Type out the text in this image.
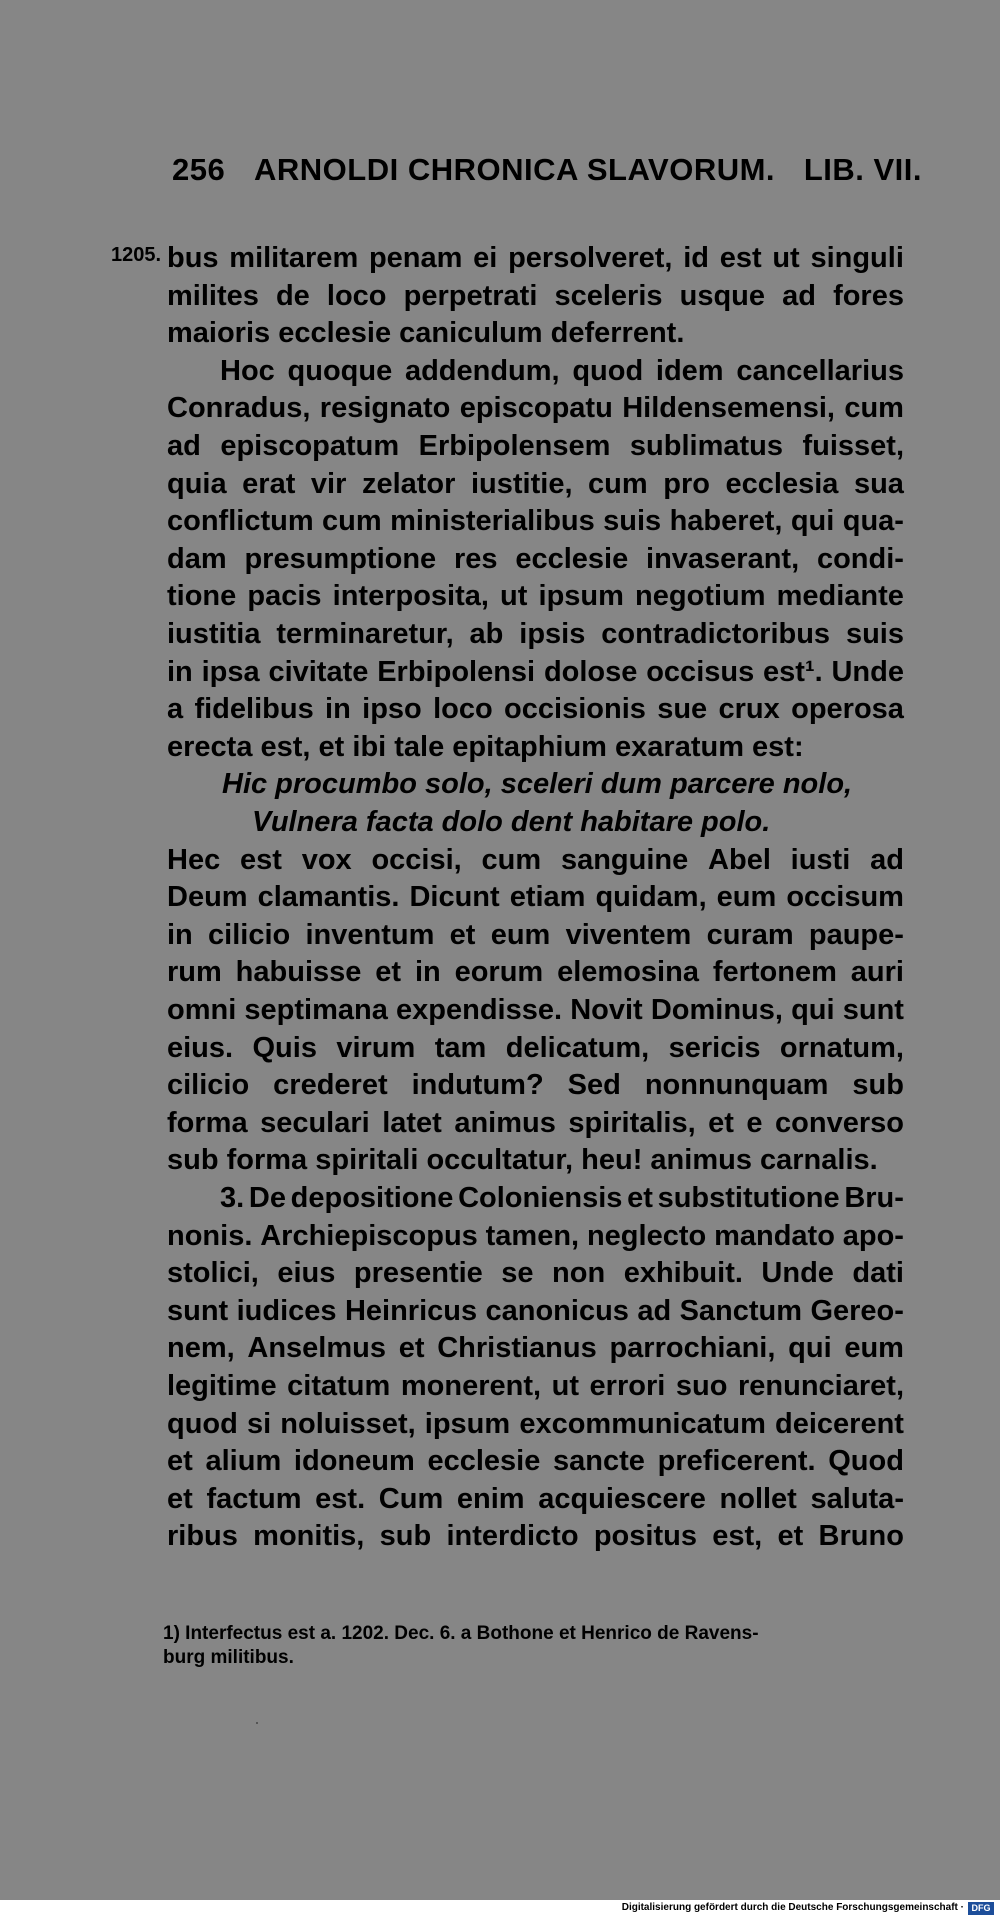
256 ARNOLDI CHRONICA SLAVORUM. LIB. VII.
1205. bus militarem penam ei persolveret, id est ut singuli
milites de loco perpetrati sceleris usque ad fores
maioris ecclesie caniculum deferrent.
Hoc quoque addendum, quod idem cancellarius
Conradus, resignato episcopatu Hildensemensi, cum
ad episcopatum Erbipolensem sublimatus fuisset,
quia erat vir zelator iustitie, cum pro ecclesia sua
conflictum cum ministerialibus suis haberet, qui qua-
dam presumptione res ecclesie invaserant, condi-
tione pacis interposita, ut ipsum negotium mediante
iustitia terminaretur, ab ipsis contradictoribus suis
in ipsa civitate Erbipolensi dolose occisus est¹. Unde
a fidelibus in ipso loco occisionis sue crux operosa
erecta est, et ibi tale epitaphium exaratum est:
Hic procumbo solo, sceleri dum parcere nolo,
Vulnera facta dolo dent habitare polo.
Hec est vox occisi, cum sanguine Abel iusti ad
Deum clamantis. Dicunt etiam quidam, eum occisum
in cilicio inventum et eum viventem curam paupe-
rum habuisse et in eorum elemosina fertonem auri
omni septimana expendisse. Novit Dominus, qui sunt
eius. Quis virum tam delicatum, sericis ornatum,
cilicio crederet indutum? Sed nonnunquam sub
forma seculari latet animus spiritalis, et e converso
sub forma spiritali occultatur, heu! animus carnalis.
3. De depositione Coloniensis et substitutione Bru-
nonis. Archiepiscopus tamen, neglecto mandato apo-
stolici, eius presentie se non exhibuit. Unde dati
sunt iudices Heinricus canonicus ad Sanctum Gereo-
nem, Anselmus et Christianus parrochiani, qui eum
legitime citatum monerent, ut errori suo renunciaret,
quod si noluisset, ipsum excommunicatum deicerent
et alium idoneum ecclesie sancte preficerent. Quod
et factum est. Cum enim acquiescere nollet saluta-
ribus monitis, sub interdicto positus est, et Bruno
1) Interfectus est a. 1202. Dec. 6. a Bothone et Henrico de Ravens-
burg militibus.
Digitalisierung gefördert durch die Deutsche Forschungsgemeinschaft · DFG
